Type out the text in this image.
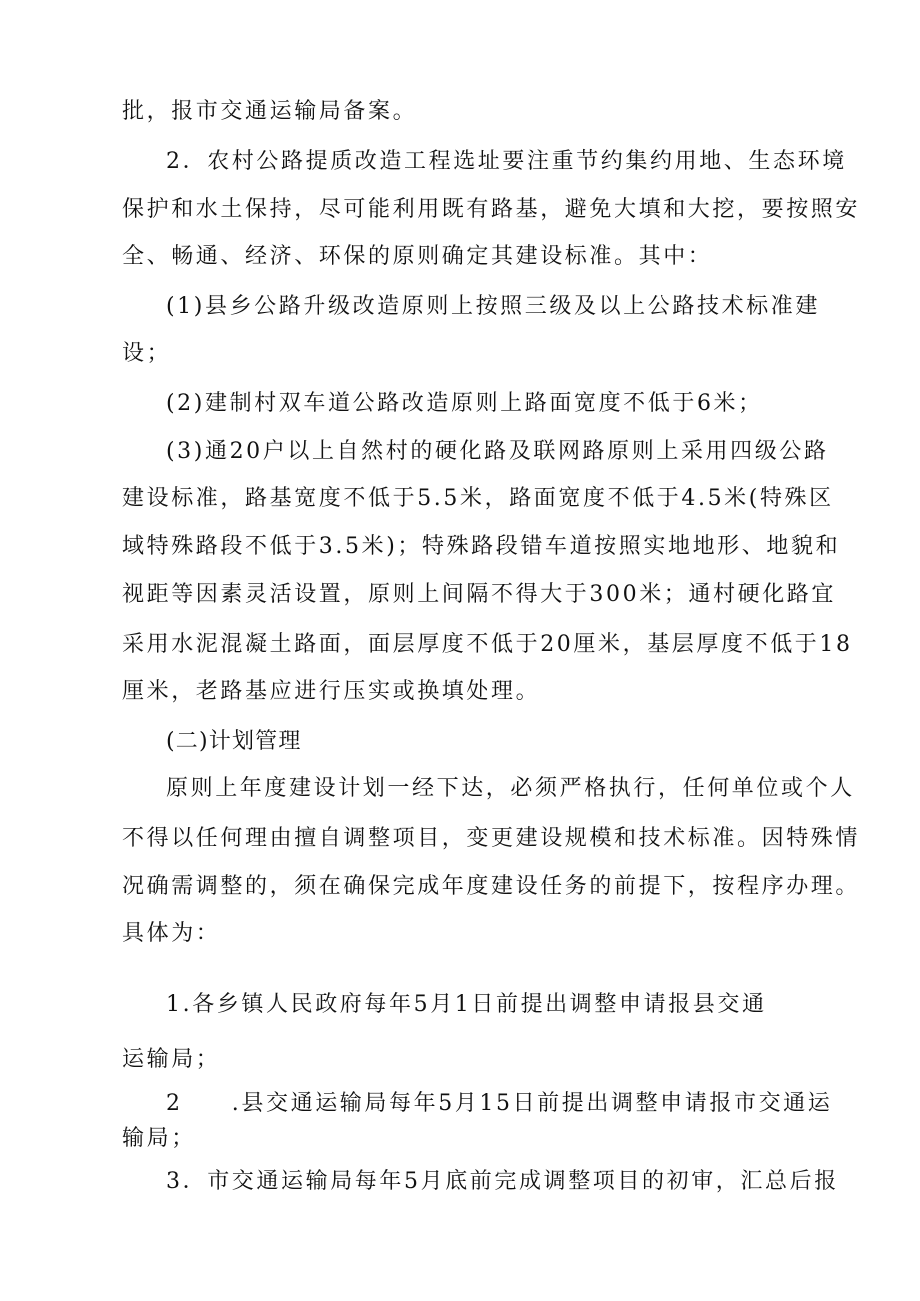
批，报市交通运输局备案。
2．农村公路提质改造工程选址要注重节约集约用地、生态环境
保护和水土保持，尽可能利用既有路基，避免大填和大挖，要按照安
全、畅通、经济、环保的原则确定其建设标准。其中：
(1)县乡公路升级改造原则上按照三级及以上公路技术标准建
设；
(2)建制村双车道公路改造原则上路面宽度不低于6米；
(3)通20户以上自然村的硬化路及联网路原则上采用四级公路
建设标准，路基宽度不低于5.5米，路面宽度不低于4.5米(特殊区
域特殊路段不低于3.5米)；特殊路段错车道按照实地地形、地貌和
视距等因素灵活设置，原则上间隔不得大于300米；通村硬化路宜
采用水泥混凝土路面，面层厚度不低于20厘米，基层厚度不低于18
厘米，老路基应进行压实或换填处理。
(二)计划管理
原则上年度建设计划一经下达，必须严格执行，任何单位或个人
不得以任何理由擅自调整项目，变更建设规模和技术标准。因特殊情
况确需调整的，须在确保完成年度建设任务的前提下，按程序办理。
具体为：
1.各乡镇人民政府每年5月1日前提出调整申请报县交通
运输局；
2　　.县交通运输局每年5月15日前提出调整申请报市交通运
输局；
3．市交通运输局每年5月底前完成调整项目的初审，汇总后报
